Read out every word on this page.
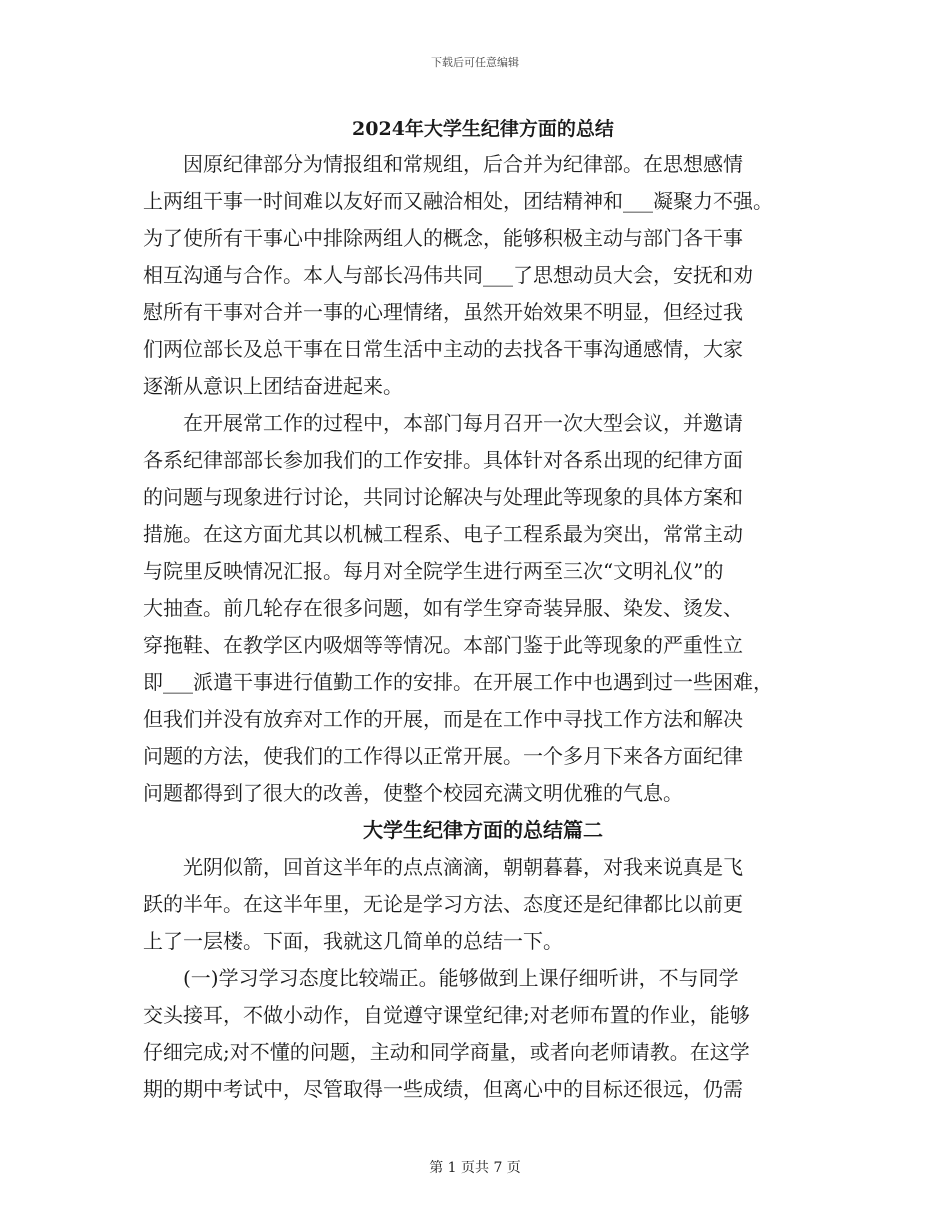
下载后可任意编辑
2024年大学生纪律方面的总结
因原纪律部分为情报组和常规组，后合并为纪律部。在思想感情
上两组干事一时间难以友好而又融洽相处，团结精神和___凝聚力不强。
为了使所有干事心中排除两组人的概念，能够积极主动与部门各干事
相互沟通与合作。本人与部长冯伟共同___了思想动员大会，安抚和劝
慰所有干事对合并一事的心理情绪，虽然开始效果不明显，但经过我
们两位部长及总干事在日常生活中主动的去找各干事沟通感情，大家
逐渐从意识上团结奋进起来。
在开展常工作的过程中，本部门每月召开一次大型会议，并邀请
各系纪律部部长参加我们的工作安排。具体针对各系出现的纪律方面
的问题与现象进行讨论，共同讨论解决与处理此等现象的具体方案和
措施。在这方面尤其以机械工程系、电子工程系最为突出，常常主动
与院里反映情况汇报。每月对全院学生进行两至三次“文明礼仪”的
大抽查。前几轮存在很多问题，如有学生穿奇装异服、染发、烫发、
穿拖鞋、在教学区内吸烟等等情况。本部门鉴于此等现象的严重性立
即___派遣干事进行值勤工作的安排。在开展工作中也遇到过一些困难，
但我们并没有放弃对工作的开展，而是在工作中寻找工作方法和解决
问题的方法，使我们的工作得以正常开展。一个多月下来各方面纪律
问题都得到了很大的改善，使整个校园充满文明优雅的气息。
大学生纪律方面的总结篇二
光阴似箭，回首这半年的点点滴滴，朝朝暮暮，对我来说真是飞
跃的半年。在这半年里，无论是学习方法、态度还是纪律都比以前更
上了一层楼。下面，我就这几简单的总结一下。
(一)学习学习态度比较端正。能够做到上课仔细听讲，不与同学
交头接耳，不做小动作，自觉遵守课堂纪律;对老师布置的作业，能够
仔细完成;对不懂的问题，主动和同学商量，或者向老师请教。在这学
期的期中考试中，尽管取得一些成绩，但离心中的目标还很远，仍需
第 1 页共 7 页
